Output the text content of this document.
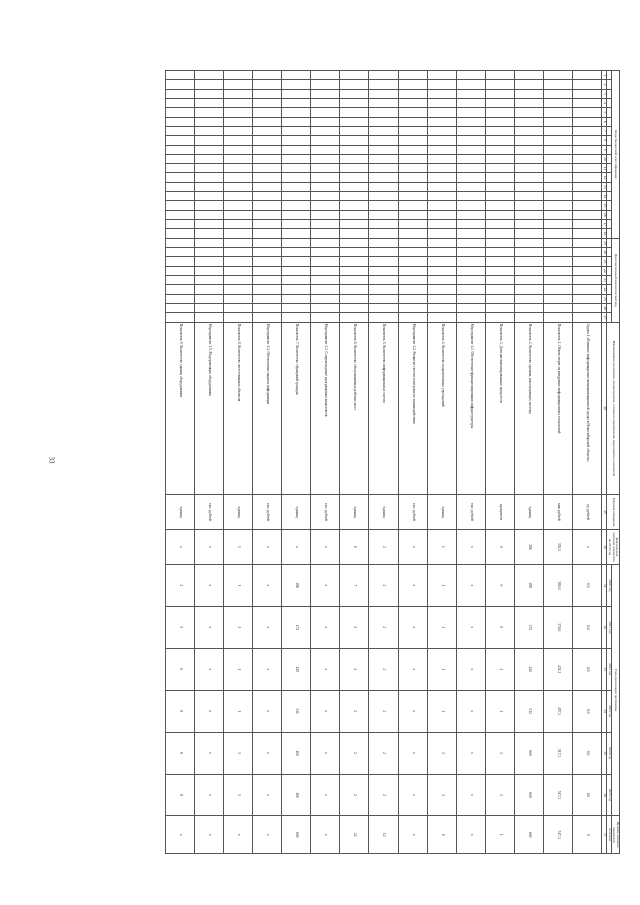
33
Коды бюджетной классификации																		Дополнительный аналитический код									Наименование программы, подпрограммы, основного мероприятия, мероприятия, показателя	Единица измерения	Фактическое значение показателя на 2019 год	Годы реализации программы						Целевое значение показателя
																														2020 год	2021 год	2022 год	2023 год	2024 год	2025 год	итоговое
1	2	3	4	5	6	7	8	9	10	11	12	13	14	15	16	17	18	19	20	21	22	23	24	25	26	27	28	29	30	31	32	33	34	35	36	37
																											Задача 1 «Развитие информационно-коммуникационной среды в Новосибирской области»	ед. рублей	х	0,0	0,0	0,0	0,0	0,0	0,0	0
																											Показатель 1. Объем затрат на внедрение информационных технологий	млн рублей	352,1	380,0	370,0	421,2	497,3	517,3	517,3	517,3
																											Показатель 2. Количество органов, использующих систему	единиц	286	288	372	420	512	600	600	600
																											Показатель 3. Доля автоматизированных процессов	процентов	0	0	0	1	1	1	1	1
																											Мероприятие 1.1. Обеспечение функционирования инфраструктуры	тыс. рублей	х	х	х	х	х	х	х	х
																											Показатель 4. Количество подключенных учреждений	единиц	1	1	1	1	1	1	1	6
																											Мероприятие 1.2. Развитие систем электронного взаимодействия	тыс. рублей	х	х	х	х	х	х	х	х
																											Показатель 5. Количество информационных систем	единиц	2	2	2	2	2	2	2	12
																											Показатель 6. Количество обслуживаемых рабочих мест	единиц	6	7	2	4	2	2	2	22
																											Мероприятие 1.3. Сопровождение программных комплексов	тыс. рублей	х	х	х	х	х	х	х	х
																											Показатель 7. Количество обращений граждан	единиц	х	286	172	429	331	100	100	600
																											Мероприятие 1.4. Обеспечение защиты информации	тыс. рублей	х	х	х	х	х	х	х	х
																											Показатель 8. Количество аттестованных объектов	единиц	1	1	1	1	1	1	1	х
																											Мероприятие 1.5. Модернизация оборудования	тыс. рублей	х	х	х	х	х	х	х	х
																											Показатель 9. Количество единиц оборудования	единиц	х	2	5	6	8	8	8	х
